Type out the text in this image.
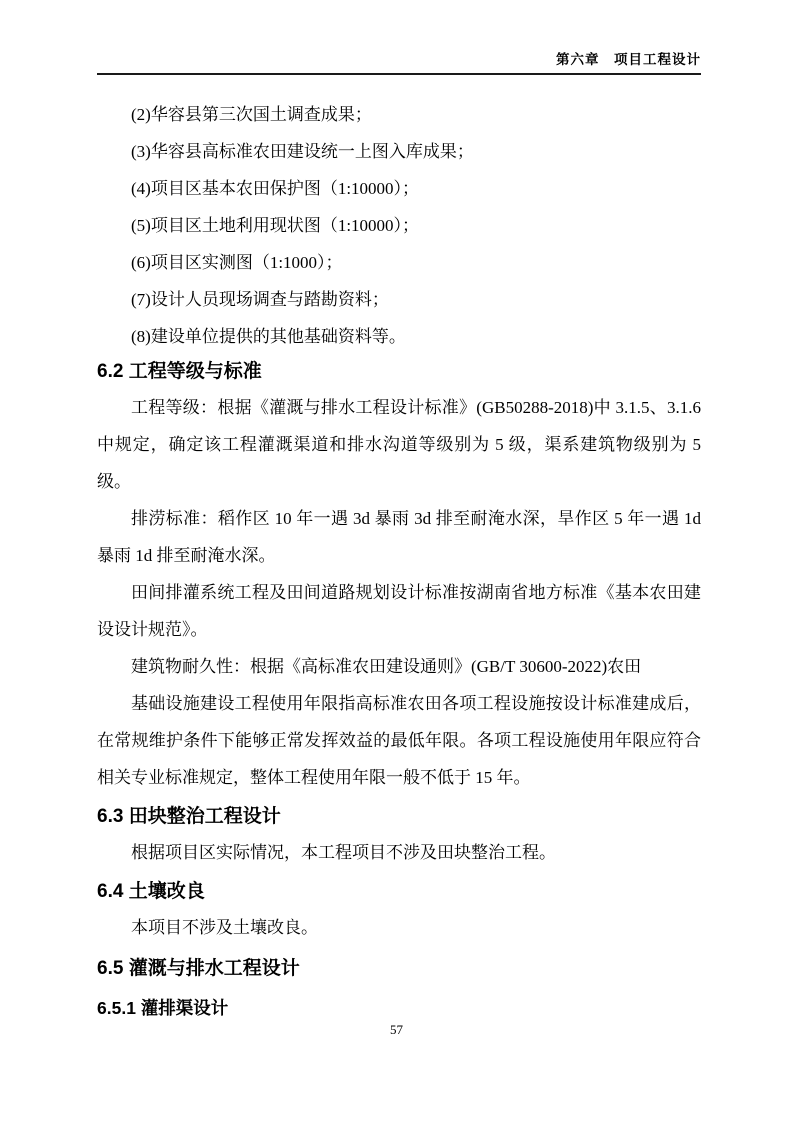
第六章　项目工程设计

(2)华容县第三次国土调查成果；

(3)华容县高标准农田建设统一上图入库成果；

(4)项目区基本农田保护图（1:10000）；

(5)项目区土地利用现状图（1:10000）；

(6)项目区实测图（1:1000）；

(7)设计人员现场调查与踏勘资料；

(8)建设单位提供的其他基础资料等。

6.2 工程等级与标准

工程等级：根据《灌溉与排水工程设计标准》(GB50288-2018)中 3.1.5、3.1.6 中规定，确定该工程灌溉渠道和排水沟道等级别为 5 级，渠系建筑物级别为 5 级。

排涝标准：稻作区 10 年一遇 3d 暴雨 3d 排至耐淹水深，旱作区 5 年一遇 1d 暴雨 1d 排至耐淹水深。

田间排灌系统工程及田间道路规划设计标准按湖南省地方标准《基本农田建设设计规范》。

建筑物耐久性：根据《高标准农田建设通则》(GB/T 30600-2022)农田

基础设施建设工程使用年限指高标准农田各项工程设施按设计标准建成后，在常规维护条件下能够正常发挥效益的最低年限。各项工程设施使用年限应符合相关专业标准规定，整体工程使用年限一般不低于 15 年。

6.3 田块整治工程设计

根据项目区实际情况，本工程项目不涉及田块整治工程。

6.4 土壤改良

本项目不涉及土壤改良。

6.5 灌溉与排水工程设计
6.5.1 灌排渠设计
57
